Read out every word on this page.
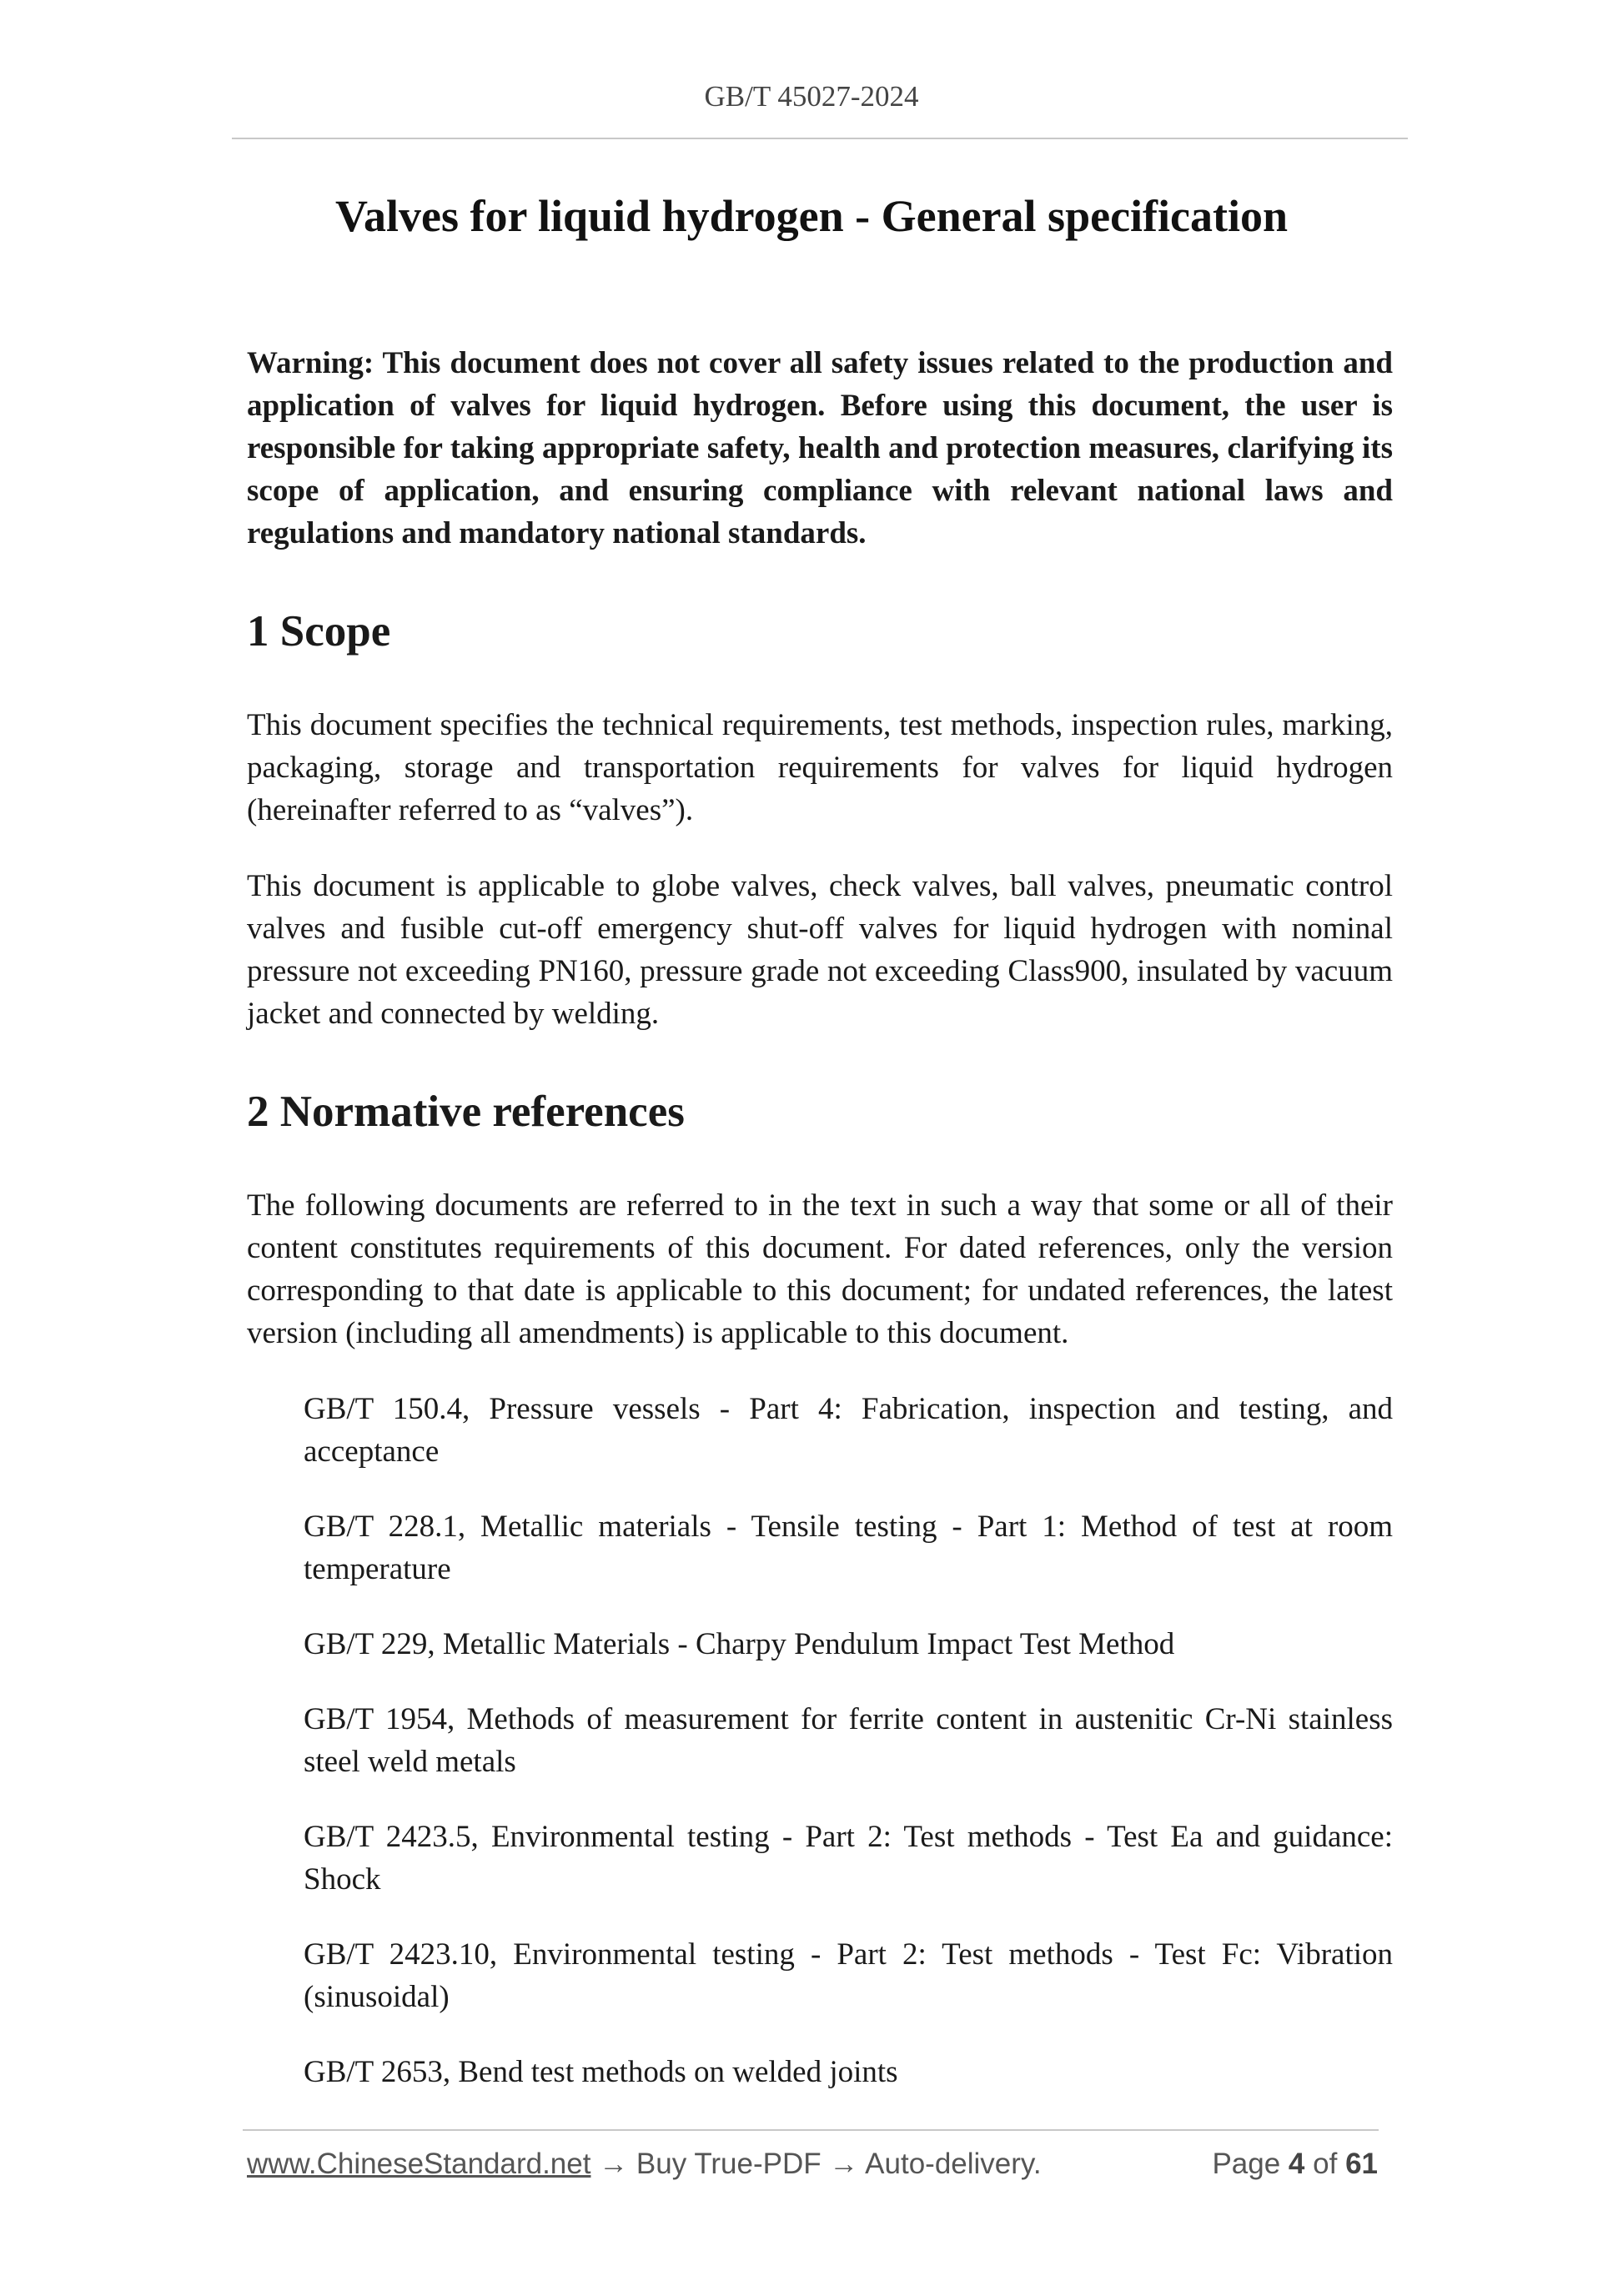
GB/T 45027-2024
Valves for liquid hydrogen - General specification

Warning: This document does not cover all safety issues related to the production and application of valves for liquid hydrogen. Before using this document, the user is responsible for taking appropriate safety, health and protection measures, clarifying its scope of application, and ensuring compliance with relevant national laws and regulations and mandatory national standards.

1 Scope

This document specifies the technical requirements, test methods, inspection rules, marking, packaging, storage and transportation requirements for valves for liquid hydrogen (hereinafter referred to as “valves”).

This document is applicable to globe valves, check valves, ball valves, pneumatic control valves and fusible cut-off emergency shut-off valves for liquid hydrogen with nominal pressure not exceeding PN160, pressure grade not exceeding Class900, insulated by vacuum jacket and connected by welding.

2 Normative references

The following documents are referred to in the text in such a way that some or all of their content constitutes requirements of this document. For dated references, only the version corresponding to that date is applicable to this document; for undated references, the latest version (including all amendments) is applicable to this document.

GB/T 150.4, Pressure vessels - Part 4: Fabrication, inspection and testing, and acceptance
GB/T 228.1, Metallic materials - Tensile testing - Part 1: Method of test at room temperature
GB/T 229, Metallic Materials - Charpy Pendulum Impact Test Method
GB/T 1954, Methods of measurement for ferrite content in austenitic Cr-Ni stainless steel weld metals
GB/T 2423.5, Environmental testing - Part 2: Test methods - Test Ea and guidance: Shock
GB/T 2423.10, Environmental testing - Part 2: Test methods - Test Fc: Vibration (sinusoidal)
GB/T 2653, Bend test methods on welded joints
www.ChineseStandard.net → Buy True-PDF → Auto-delivery.	Page 4 of 61
